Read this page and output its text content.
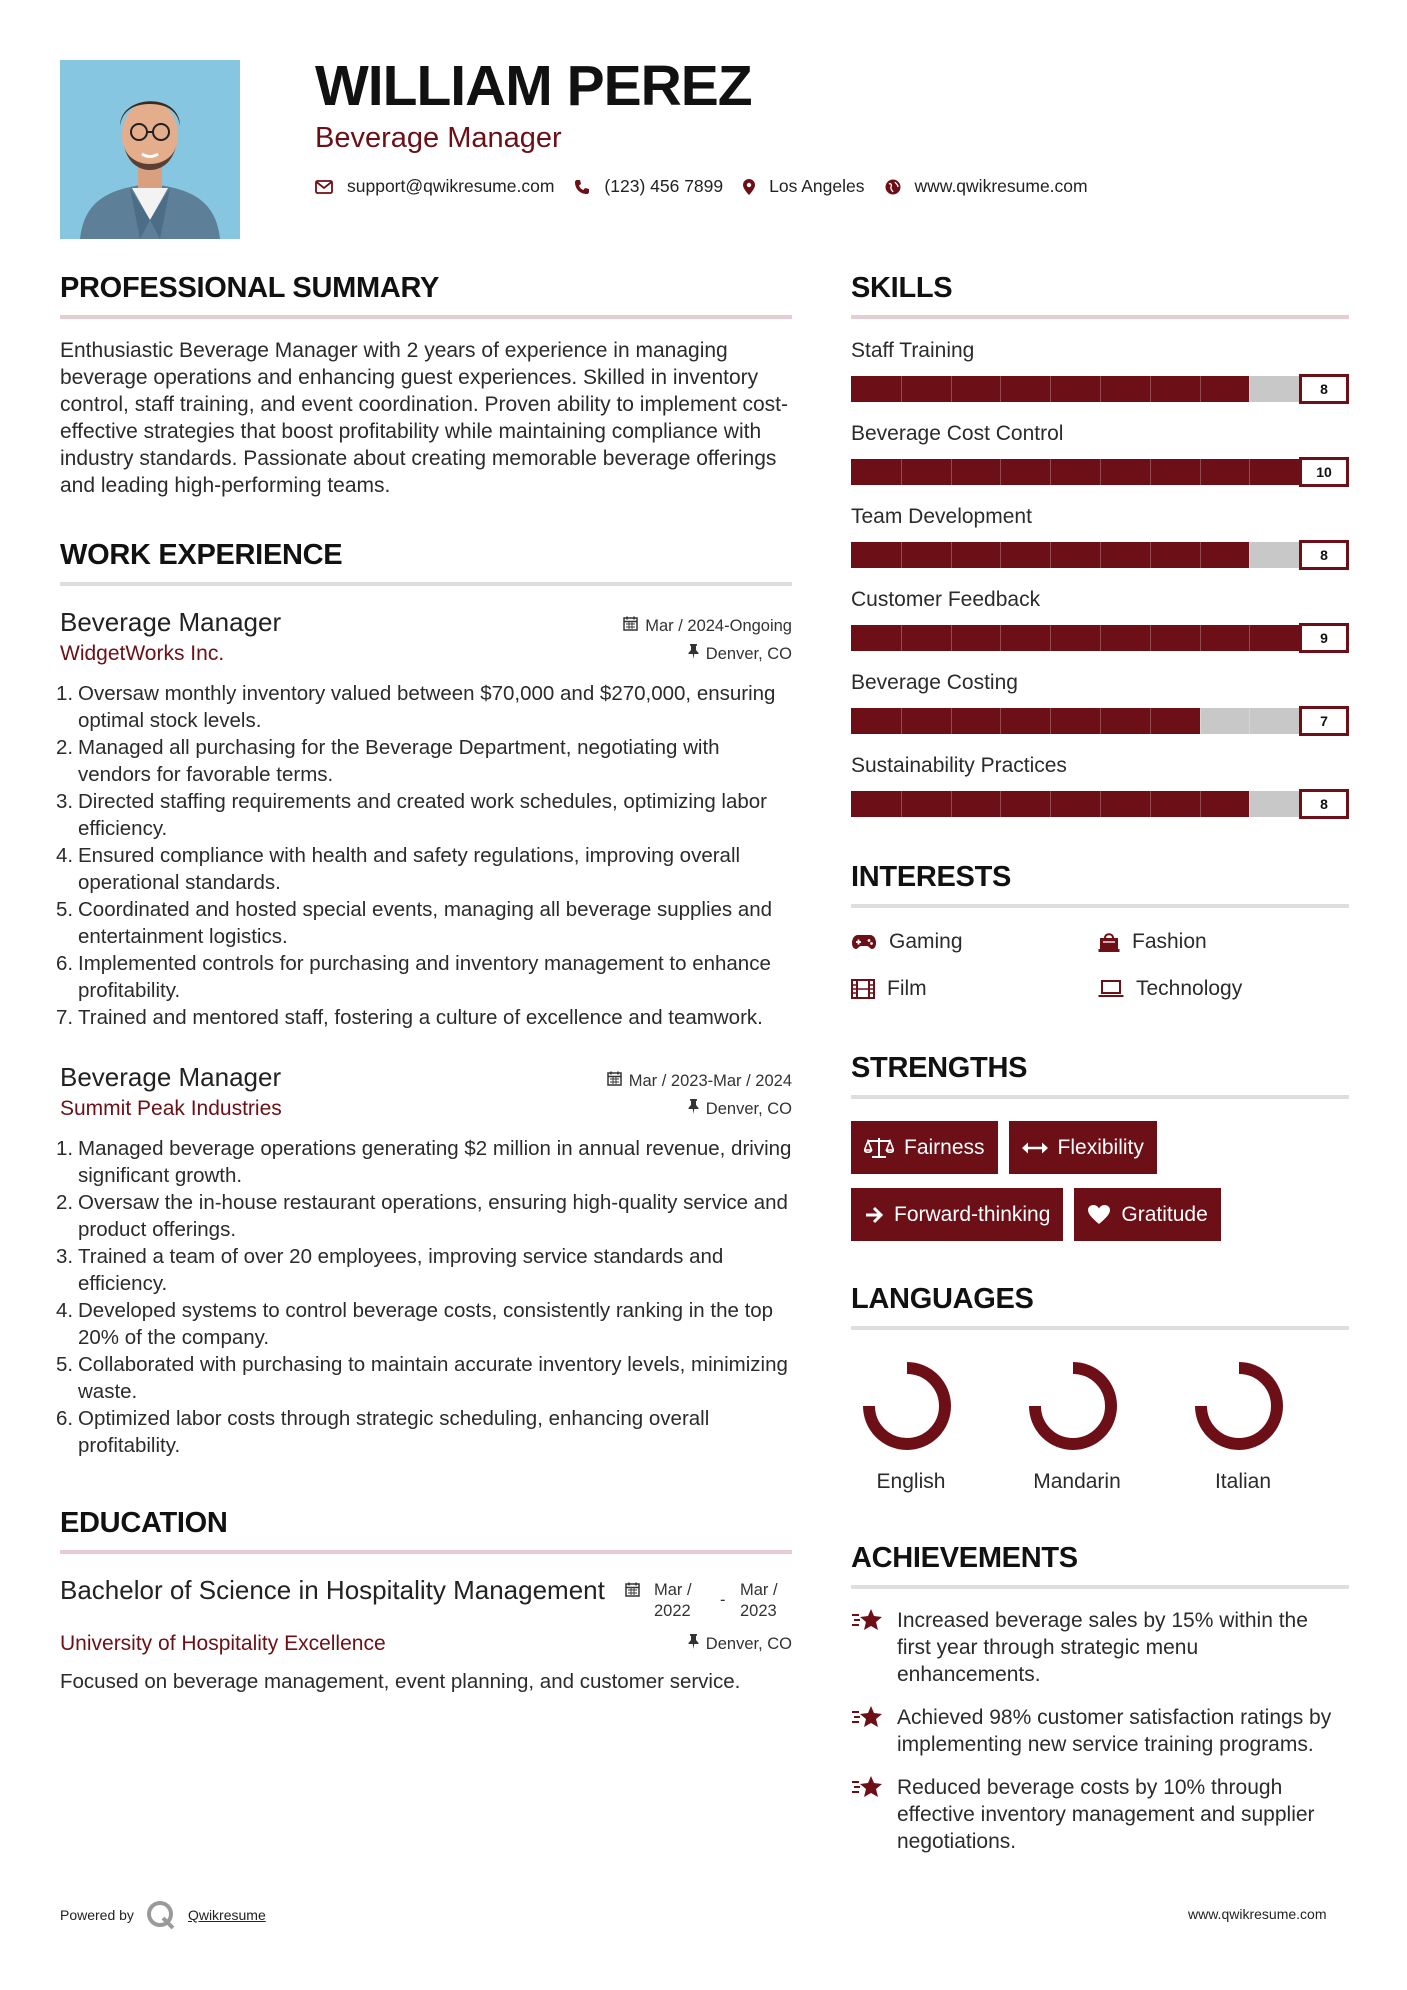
WILLIAM PEREZ
Beverage Manager
support@qwikresume.com	(123) 456 7899	Los Angeles	www.qwikresume.com
PROFESSIONAL SUMMARY

Enthusiastic Beverage Manager with 2 years of experience in managing beverage operations and enhancing guest experiences. Skilled in inventory control, staff training, and event coordination. Proven ability to implement cost-effective strategies that boost profitability while maintaining compliance with industry standards. Passionate about creating memorable beverage offerings and leading high-performing teams.

WORK EXPERIENCE
Beverage Manager	Mar / 2024-Ongoing
WidgetWorks Inc.	Denver, CO
1. Oversaw monthly inventory valued between $70,000 and $270,000, ensuring optimal stock levels.
2. Managed all purchasing for the Beverage Department, negotiating with vendors for favorable terms.
3. Directed staffing requirements and created work schedules, optimizing labor efficiency.
4. Ensured compliance with health and safety regulations, improving overall operational standards.
5. Coordinated and hosted special events, managing all beverage supplies and entertainment logistics.
6. Implemented controls for purchasing and inventory management to enhance profitability.
7. Trained and mentored staff, fostering a culture of excellence and teamwork.
Beverage Manager	Mar / 2023-Mar / 2024
Summit Peak Industries	Denver, CO
1. Managed beverage operations generating $2 million in annual revenue, driving significant growth.
2. Oversaw the in-house restaurant operations, ensuring high-quality service and product offerings.
3. Trained a team of over 20 employees, improving service standards and efficiency.
4. Developed systems to control beverage costs, consistently ranking in the top 20% of the company.
5. Collaborated with purchasing to maintain accurate inventory levels, minimizing waste.
6. Optimized labor costs through strategic scheduling, enhancing overall profitability.
EDUCATION
Bachelor of Science in Hospitality Management	Mar / 2022
-
Mar / 2023
University of Hospitality Excellence	Denver, CO

Focused on beverage management, event planning, and customer service.

SKILLS
Staff Training
8
Beverage Cost Control
10
Team Development
8
Customer Feedback
9
Beverage Costing
7
Sustainability Practices
8
INTERESTS
Gaming	Fashion
Film	Technology
STRENGTHS
Fairness	Flexibility
Forward-thinking	Gratitude
LANGUAGES
English	Mandarin	Italian
ACHIEVEMENTS
Increased beverage sales by 15% within the first year through strategic menu enhancements.
Achieved 98% customer satisfaction ratings by implementing new service training programs.
Reduced beverage costs by 10% through effective inventory management and supplier negotiations.
Powered by	Qwikresume	www.qwikresume.com
